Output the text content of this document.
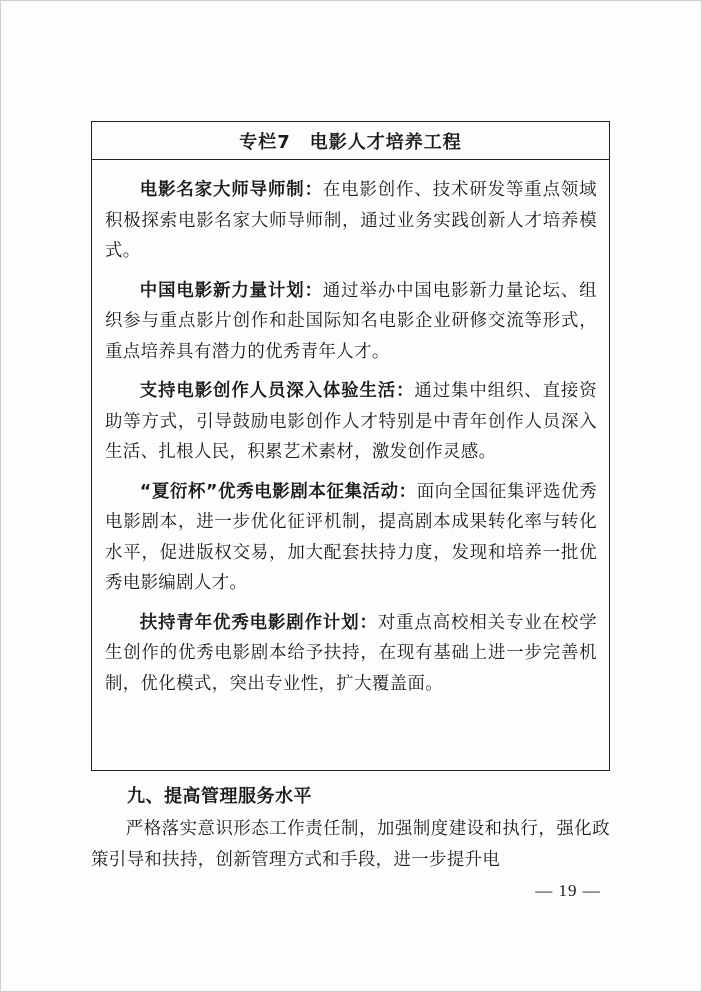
专栏7　电影人才培养工程

电影名家大师导师制：在电影创作、技术研发等重点领域积极探索电影名家大师导师制，通过业务实践创新人才培养模式。

中国电影新力量计划：通过举办中国电影新力量论坛、组织参与重点影片创作和赴国际知名电影企业研修交流等形式，重点培养具有潜力的优秀青年人才。

支持电影创作人员深入体验生活：通过集中组织、直接资助等方式，引导鼓励电影创作人才特别是中青年创作人员深入生活、扎根人民，积累艺术素材，激发创作灵感。

“夏衍杯”优秀电影剧本征集活动：面向全国征集评选优秀电影剧本，进一步优化征评机制，提高剧本成果转化率与转化水平，促进版权交易，加大配套扶持力度，发现和培养一批优秀电影编剧人才。

扶持青年优秀电影剧作计划：对重点高校相关专业在校学生创作的优秀电影剧本给予扶持，在现有基础上进一步完善机制，优化模式，突出专业性，扩大覆盖面。

九、提高管理服务水平

严格落实意识形态工作责任制，加强制度建设和执行，强化政策引导和扶持，创新管理方式和手段，进一步提升电

— 19 —
